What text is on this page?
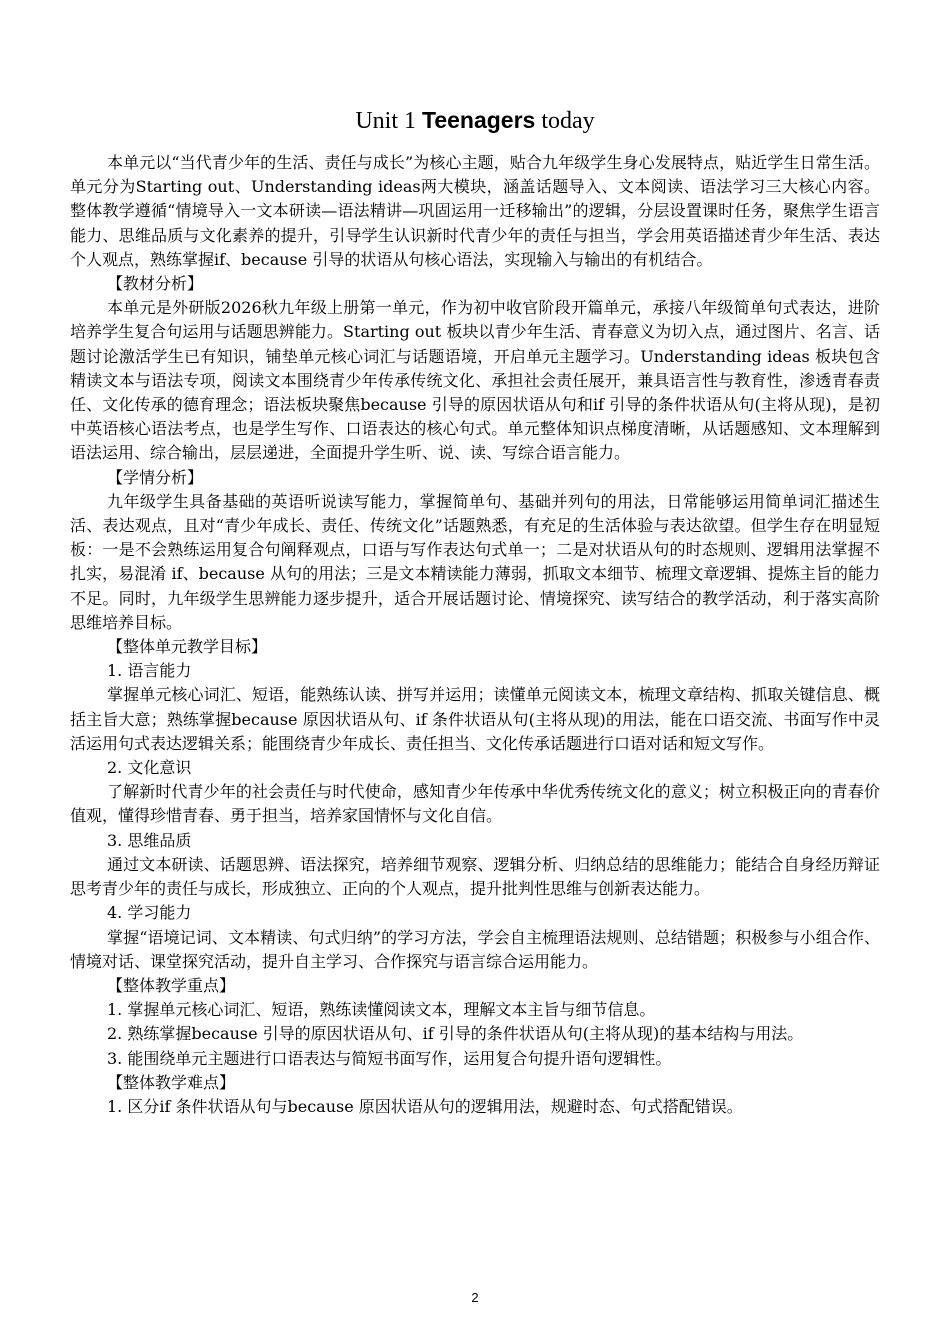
Unit 1 Teenagers today

本单元以“当代青少年的生活、责任与成长”为核心主题，贴合九年级学生身心发展特点，贴近学生日常生活。单元分为Starting out、Understanding ideas两大模块，涵盖话题导入、文本阅读、语法学习三大核心内容。整体教学遵循“情境导入一文本研读—语法精讲—巩固运用一迁移输出”的逻辑，分层设置课时任务，聚焦学生语言能力、思维品质与文化素养的提升，引导学生认识新时代青少年的责任与担当，学会用英语描述青少年生活、表达个人观点，熟练掌握if、because 引导的状语从句核心语法，实现输入与输出的有机结合。

【教材分析】

本单元是外研版2026秋九年级上册第一单元，作为初中收官阶段开篇单元，承接八年级简单句式表达，进阶培养学生复合句运用与话题思辨能力。Starting out 板块以青少年生活、青春意义为切入点，通过图片、名言、话题讨论激活学生已有知识，铺垫单元核心词汇与话题语境，开启单元主题学习。Understanding ideas 板块包含精读文本与语法专项，阅读文本围绕青少年传承传统文化、承担社会责任展开，兼具语言性与教育性，渗透青春责任、文化传承的德育理念；语法板块聚焦because 引导的原因状语从句和if 引导的条件状语从句(主将从现)，是初中英语核心语法考点，也是学生写作、口语表达的核心句式。单元整体知识点梯度清晰，从话题感知、文本理解到语法运用、综合输出，层层递进，全面提升学生听、说、读、写综合语言能力。

【学情分析】

九年级学生具备基础的英语听说读写能力，掌握简单句、基础并列句的用法，日常能够运用简单词汇描述生活、表达观点，且对“青少年成长、责任、传统文化”话题熟悉，有充足的生活体验与表达欲望。但学生存在明显短板：一是不会熟练运用复合句阐释观点，口语与写作表达句式单一；二是对状语从句的时态规则、逻辑用法掌握不扎实，易混淆 if、because 从句的用法；三是文本精读能力薄弱，抓取文本细节、梳理文章逻辑、提炼主旨的能力不足。同时，九年级学生思辨能力逐步提升，适合开展话题讨论、情境探究、读写结合的教学活动，利于落实高阶思维培养目标。

【整体单元教学目标】

1. 语言能力

掌握单元核心词汇、短语，能熟练认读、拼写并运用；读懂单元阅读文本，梳理文章结构、抓取关键信息、概括主旨大意；熟练掌握because 原因状语从句、if 条件状语从句(主将从现)的用法，能在口语交流、书面写作中灵活运用句式表达逻辑关系；能围绕青少年成长、责任担当、文化传承话题进行口语对话和短文写作。

2. 文化意识

了解新时代青少年的社会责任与时代使命，感知青少年传承中华优秀传统文化的意义；树立积极正向的青春价值观，懂得珍惜青春、勇于担当，培养家国情怀与文化自信。

3. 思维品质

通过文本研读、话题思辨、语法探究，培养细节观察、逻辑分析、归纳总结的思维能力；能结合自身经历辩证思考青少年的责任与成长，形成独立、正向的个人观点，提升批判性思维与创新表达能力。

4. 学习能力

掌握“语境记词、文本精读、句式归纳”的学习方法，学会自主梳理语法规则、总结错题；积极参与小组合作、情境对话、课堂探究活动，提升自主学习、合作探究与语言综合运用能力。

【整体教学重点】

1. 掌握单元核心词汇、短语，熟练读懂阅读文本，理解文本主旨与细节信息。

2. 熟练掌握because 引导的原因状语从句、if 引导的条件状语从句(主将从现)的基本结构与用法。

3. 能围绕单元主题进行口语表达与简短书面写作，运用复合句提升语句逻辑性。

【整体教学难点】

1. 区分if 条件状语从句与because 原因状语从句的逻辑用法，规避时态、句式搭配错误。

2
